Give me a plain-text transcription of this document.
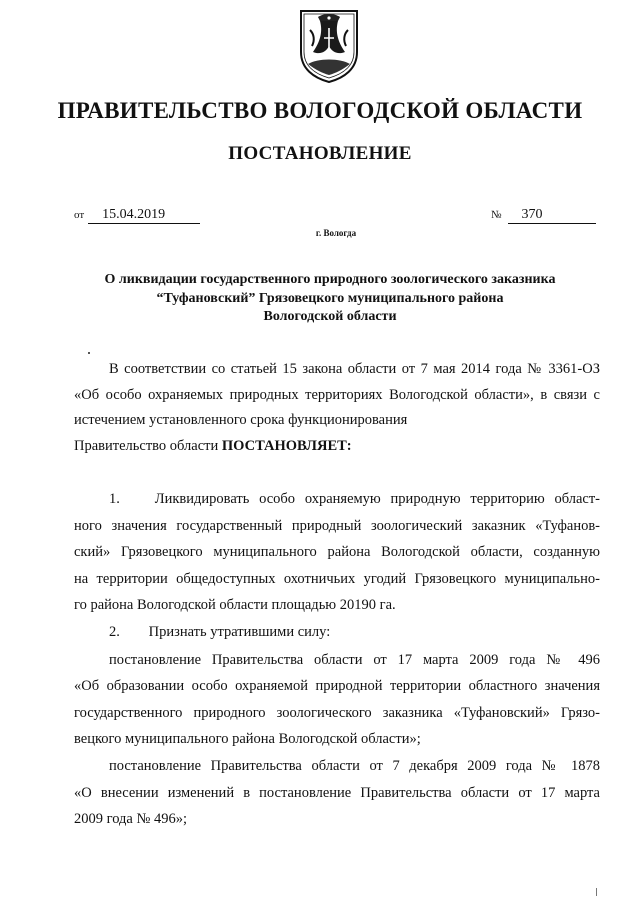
ПРАВИТЕЛЬСТВО ВОЛОГОДСКОЙ ОБЛАСТИ
ПОСТАНОВЛЕНИЕ
от 15.04.2019	№ 370
г. Вологда
О ликвидации государственного природного зоологического заказника
“Туфановский” Грязовецкого муниципального района
Вологодской области
В соответствии со статьей 15 закона области от 7 мая 2014 года № 3361-ОЗ
«Об особо охраняемых природных территориях Вологодской области», в связи с
истечением установленного срока функционирования
Правительство области ПОСТАНОВЛЯЕТ:
1. Ликвидировать особо охраняемую природную территорию област-
ного значения государственный природный зоологический заказник «Туфанов-
ский» Грязовецкого муниципального района Вологодской области, созданную
на территории общедоступных охотничьих угодий Грязовецкого муниципально-
го района Вологодской области площадью 20190 га.
2. Признать утратившими силу:
постановление Правительства области от 17 марта 2009 года № 496
«Об образовании особо охраняемой природной территории областного значения
государственного природного зоологического заказника «Туфановский» Грязо-
вецкого муниципального района Вологодской области»;
постановление Правительства области от 7 декабря 2009 года № 1878
«О внесении изменений в постановление Правительства области от 17 марта
2009 года № 496»;
